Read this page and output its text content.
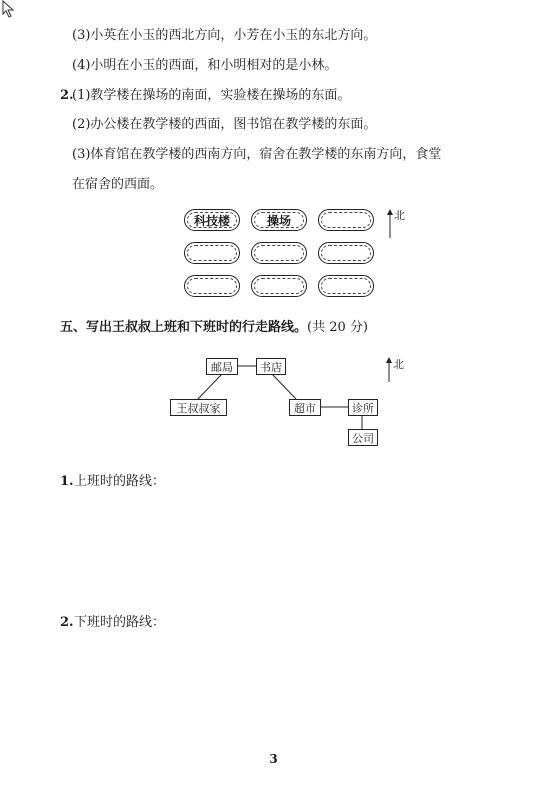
(3)小英在小玉的西北方向，小芳在小玉的东北方向。
(4)小明在小玉的西面，和小明相对的是小林。
2.
(1)教学楼在操场的南面，实验楼在操场的东面。
(2)办公楼在教学楼的西面，图书馆在教学楼的东面。
(3)体育馆在教学楼的西南方向，宿舍在教学楼的东南方向，食堂
在宿舍的西面。
科技楼	操场	北
五、写出王叔叔上班和下班时的行走路线。(共 20 分)
邮局	书店
王叔叔家	超市	诊所
公司
北
1. 上班时的路线：
2. 下班时的路线：
3
